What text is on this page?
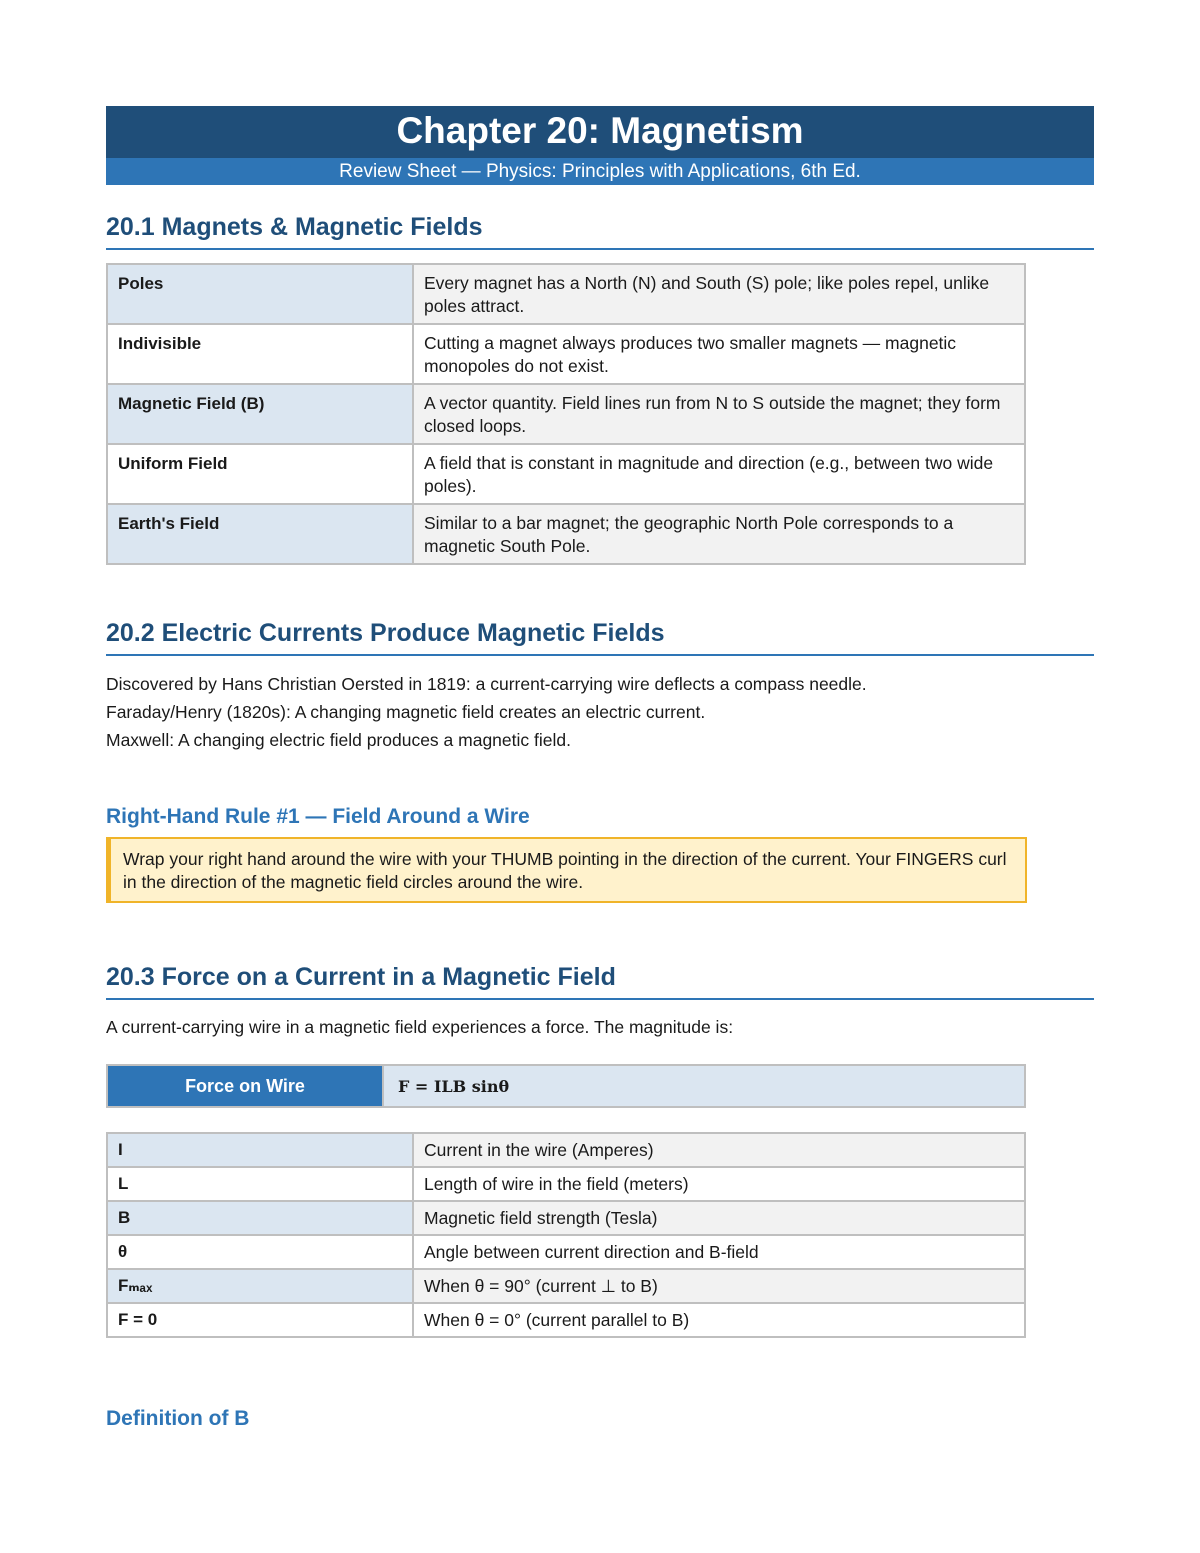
Chapter 20: Magnetism
Review Sheet — Physics: Principles with Applications, 6th Ed.
20.1 Magnets & Magnetic Fields
Poles	Every magnet has a North (N) and South (S) pole; like poles repel, unlike poles attract.
Indivisible	Cutting a magnet always produces two smaller magnets — magnetic monopoles do not exist.
Magnetic Field (B)	A vector quantity. Field lines run from N to S outside the magnet; they form closed loops.
Uniform Field	A field that is constant in magnitude and direction (e.g., between two wide poles).
Earth's Field	Similar to a bar magnet; the geographic North Pole corresponds to a magnetic South Pole.
20.2 Electric Currents Produce Magnetic Fields
Discovered by Hans Christian Oersted in 1819: a current-carrying wire deflects a compass needle.
Faraday/Henry (1820s): A changing magnetic field creates an electric current.
Maxwell: A changing electric field produces a magnetic field.
Right-Hand Rule #1 — Field Around a Wire
Wrap your right hand around the wire with your THUMB pointing in the direction of the current. Your FINGERS curl in the direction of the magnetic field circles around the wire.
20.3 Force on a Current in a Magnetic Field
A current-carrying wire in a magnetic field experiences a force. The magnitude is:
Force on Wire	F = ILB sinθ
I	Current in the wire (Amperes)
L	Length of wire in the field (meters)
B	Magnetic field strength (Tesla)
θ	Angle between current direction and B-field
Fₘₐₓ	When θ = 90° (current ⊥ to B)
F = 0	When θ = 0° (current parallel to B)
Definition of B
